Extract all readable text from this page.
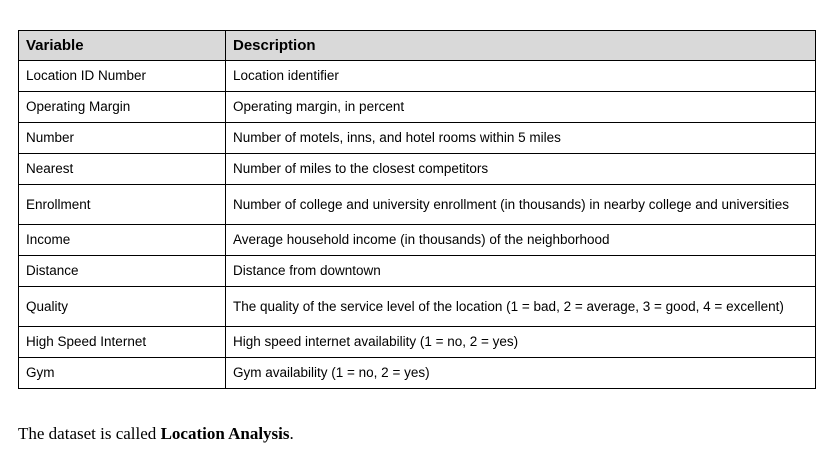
Variable	Description
Location ID Number	Location identifier
Operating Margin	Operating margin, in percent
Number	Number of motels, inns, and hotel rooms within 5 miles
Nearest	Number of miles to the closest competitors
Enrollment	Number of college and university enrollment (in thousands) in nearby college and universities
Income	Average household income (in thousands) of the neighborhood
Distance	Distance from downtown
Quality	The quality of the service level of the location (1 = bad, 2 = average, 3 = good, 4 = excellent)
High Speed Internet	High speed internet availability (1 = no, 2 = yes)
Gym	Gym availability (1 = no, 2 = yes)
The dataset is called Location Analysis.
